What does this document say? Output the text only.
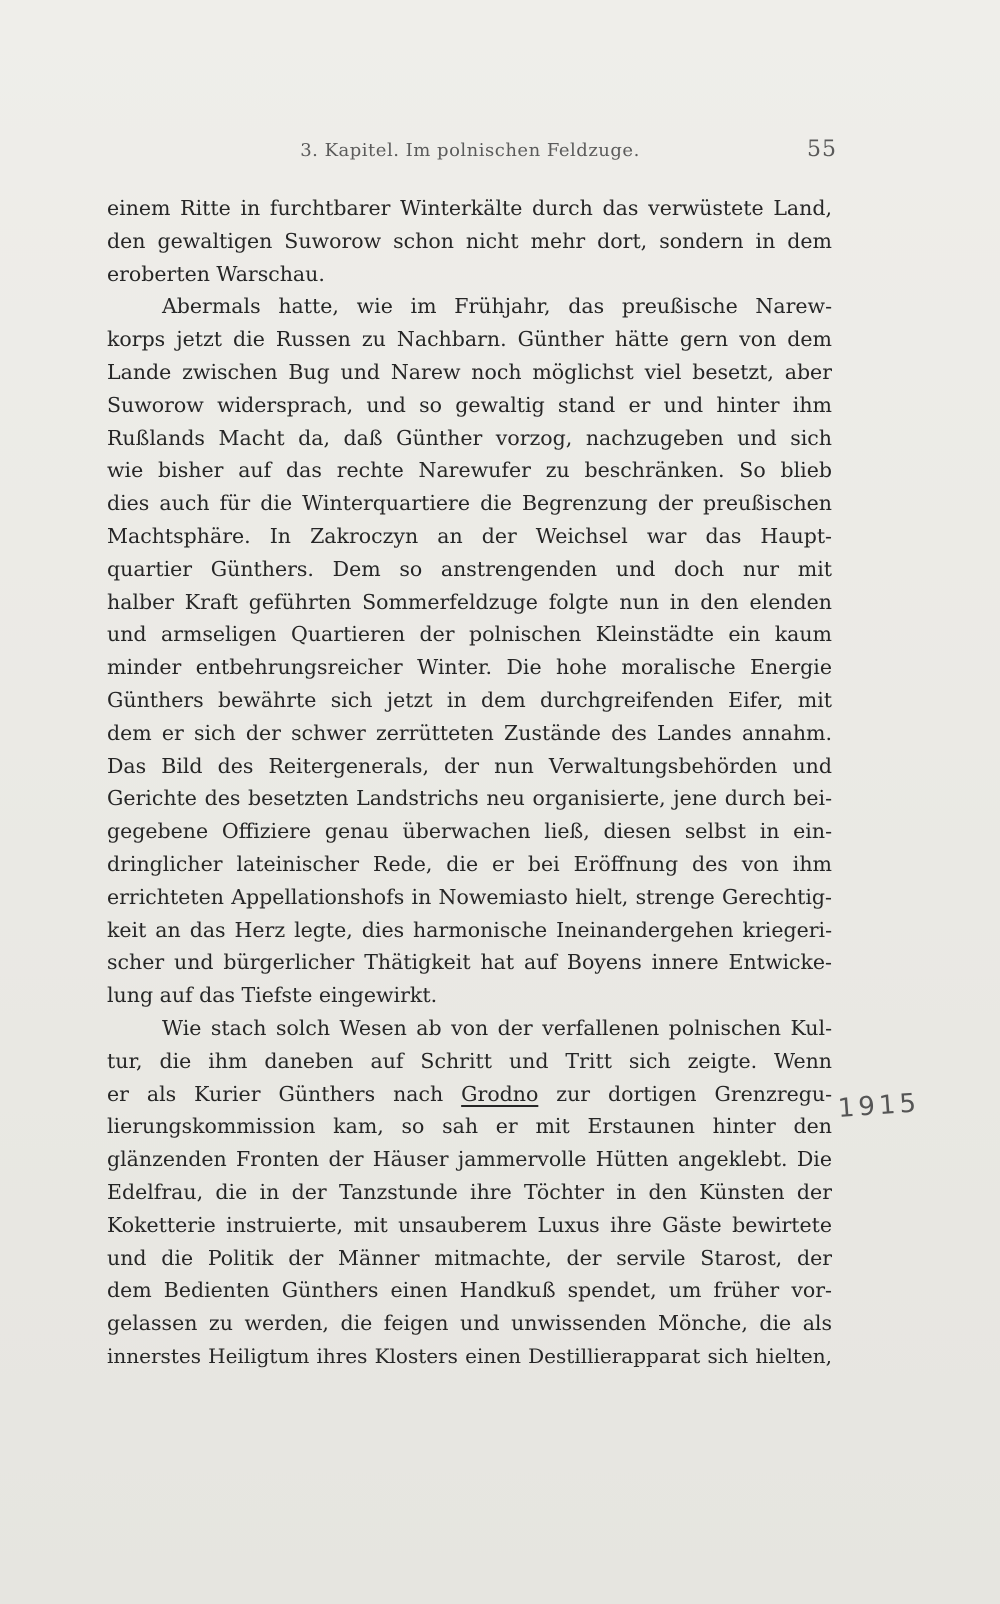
3. Kapitel. Im polnischen Feldzuge.	55
einem Ritte in furchtbarer Winterkälte durch das verwüstete Land,
den gewaltigen Suworow schon nicht mehr dort, sondern in dem
eroberten Warschau.
Abermals hatte, wie im Frühjahr, das preußische Narew-
korps jetzt die Russen zu Nachbarn. Günther hätte gern von dem
Lande zwischen Bug und Narew noch möglichst viel besetzt, aber
Suworow widersprach, und so gewaltig stand er und hinter ihm
Rußlands Macht da, daß Günther vorzog, nachzugeben und sich
wie bisher auf das rechte Narewufer zu beschränken. So blieb
dies auch für die Winterquartiere die Begrenzung der preußischen
Machtsphäre. In Zakroczyn an der Weichsel war das Haupt-
quartier Günthers. Dem so anstrengenden und doch nur mit
halber Kraft geführten Sommerfeldzuge folgte nun in den elenden
und armseligen Quartieren der polnischen Kleinstädte ein kaum
minder entbehrungsreicher Winter. Die hohe moralische Energie
Günthers bewährte sich jetzt in dem durchgreifenden Eifer, mit
dem er sich der schwer zerrütteten Zustände des Landes annahm.
Das Bild des Reitergenerals, der nun Verwaltungsbehörden und
Gerichte des besetzten Landstrichs neu organisierte, jene durch bei-
gegebene Offiziere genau überwachen ließ, diesen selbst in ein-
dringlicher lateinischer Rede, die er bei Eröffnung des von ihm
errichteten Appellationshofs in Nowemiasto hielt, strenge Gerechtig-
keit an das Herz legte, dies harmonische Ineinandergehen kriegeri-
scher und bürgerlicher Thätigkeit hat auf Boyens innere Entwicke-
lung auf das Tiefste eingewirkt.
Wie stach solch Wesen ab von der verfallenen polnischen Kul-
tur, die ihm daneben auf Schritt und Tritt sich zeigte. Wenn
er als Kurier Günthers nach Grodno zur dortigen Grenzregu-
lierungskommission kam, so sah er mit Erstaunen hinter den
glänzenden Fronten der Häuser jammervolle Hütten angeklebt. Die
Edelfrau, die in der Tanzstunde ihre Töchter in den Künsten der
Koketterie instruierte, mit unsauberem Luxus ihre Gäste bewirtete
und die Politik der Männer mitmachte, der servile Starost, der
dem Bedienten Günthers einen Handkuß spendet, um früher vor-
gelassen zu werden, die feigen und unwissenden Mönche, die als
innerstes Heiligtum ihres Klosters einen Destillierapparat sich hielten,
1915
